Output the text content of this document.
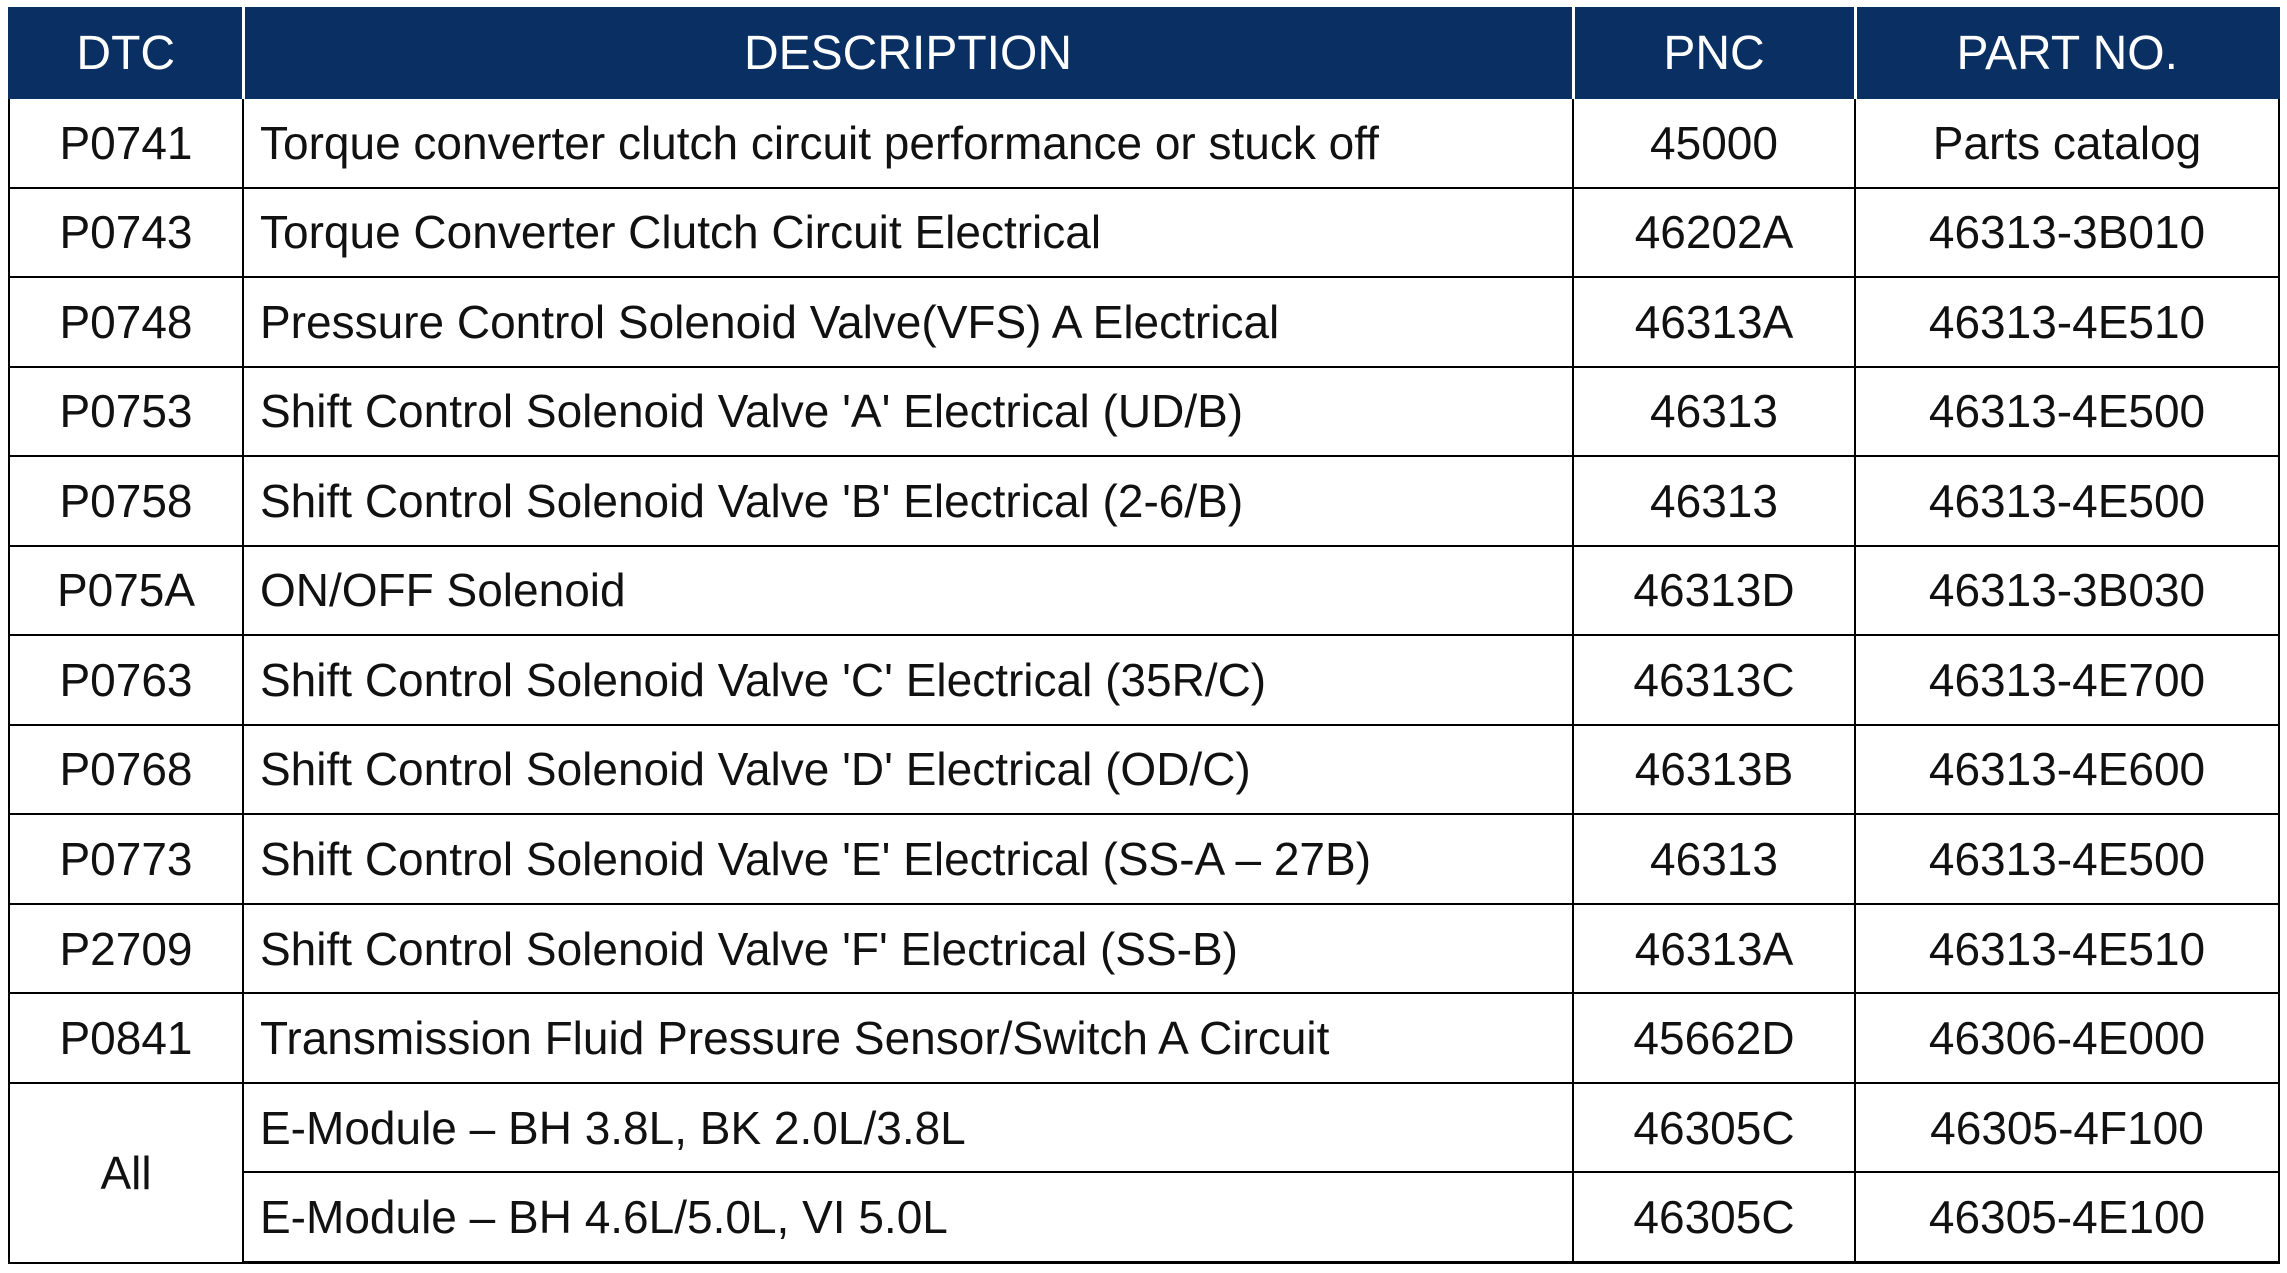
DTC	DESCRIPTION	PNC	PART NO.
P0741	Torque converter clutch circuit performance or stuck off	45000	Parts catalog
P0743	Torque Converter Clutch Circuit Electrical	46202A	46313-3B010
P0748	Pressure Control Solenoid Valve(VFS) A Electrical	46313A	46313-4E510
P0753	Shift Control Solenoid Valve 'A' Electrical (UD/B)	46313	46313-4E500
P0758	Shift Control Solenoid Valve 'B' Electrical (2-6/B)	46313	46313-4E500
P075A	ON/OFF Solenoid	46313D	46313-3B030
P0763	Shift Control Solenoid Valve 'C' Electrical (35R/C)	46313C	46313-4E700
P0768	Shift Control Solenoid Valve 'D' Electrical (OD/C)	46313B	46313-4E600
P0773	Shift Control Solenoid Valve 'E' Electrical (SS-A – 27B)	46313	46313-4E500
P2709	Shift Control Solenoid Valve 'F' Electrical (SS-B)	46313A	46313-4E510
P0841	Transmission Fluid Pressure Sensor/Switch A Circuit	45662D	46306-4E000
All	E-Module – BH 3.8L, BK 2.0L/3.8L	46305C	46305-4F100
	E-Module – BH 4.6L/5.0L, VI 5.0L	46305C	46305-4E100
